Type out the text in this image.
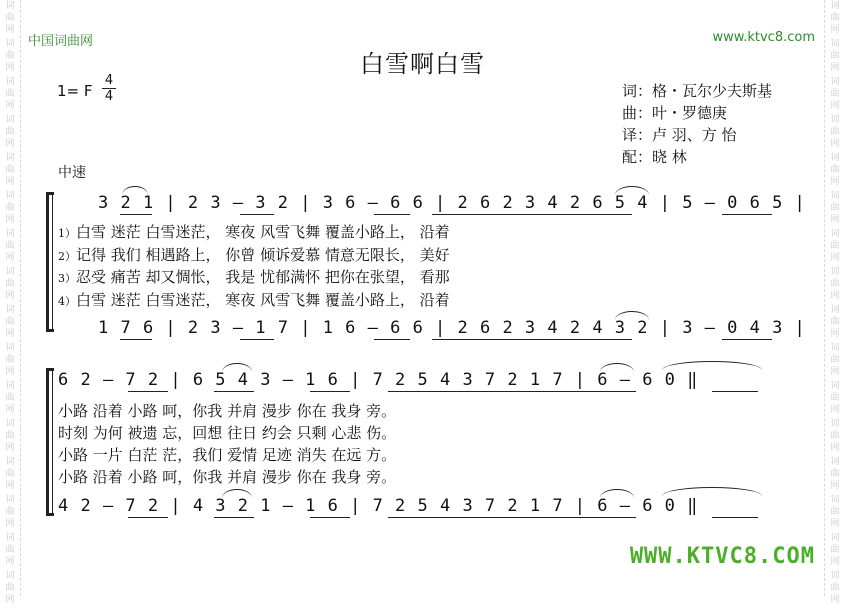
词
曲
网
词
曲
网
词
曲
网
词
曲
网
词
曲
网
词
曲
网
词
曲
网
词
曲
网
词
曲
网
词
曲
网
词
曲
网
词
曲
网
词
曲
网
词
曲
网
词
曲
网
词
曲
网
词
曲
网
词
曲
网
词
曲
网
词
曲
网
词
曲
网
词
曲
网
词
曲
网
词
曲
网
词
曲
网
词
曲
网
词
曲
网
词
曲
网
词
曲
网
词
曲
网
词
曲
网
词
曲
网
中国词曲网	www.ktvc8.com
白雪啊白雪
1= F
4
4	词：格・瓦尔少夫斯基
曲：叶・罗德庚
译：卢 羽、方 怡
配：晓 林
中速
3 2 1 | 2 3 – 3 2 | 3 6 – 6 6 | 2 6 2 3 4 2 6 5 4 | 5 – 0 6 5 |
1）白雪 迷茫 白雪迷茫， 寒夜 风雪飞舞 覆盖小路上， 沿着
2）记得 我们 相遇路上， 你曾 倾诉爱慕 情意无限长， 美好
3）忍受 痛苦 却又惆怅， 我是 忧郁满怀 把你在张望， 看那
4）白雪 迷茫 白雪迷茫， 寒夜 风雪飞舞 覆盖小路上， 沿着
1 7 6 | 2 3 – 1 7 | 1 6 – 6 6 | 2 6 2 3 4 2 4 3 2 | 3 – 0 4 3 |
6 2 – 7 2 | 6 5 4 3 – 1 6 | 7 2 5 4 3 7 2 1 7 | 6 – 6 0 ‖
小路 沿着 小路 呵，你我 并肩 漫步 你在 我身 旁。
时刻 为何 被遗 忘，回想 往日 约会 只剩 心悲 伤。
小路 一片 白茫 茫，我们 爱情 足迹 消失 在远 方。
小路 沿着 小路 呵，你我 并肩 漫步 你在 我身 旁。
4 2 – 7 2 | 4 3 2 1 – 1 6 | 7 2 5 4 3 7 2 1 7 | 6 – 6 0 ‖
WWW.KTVC8.COM
